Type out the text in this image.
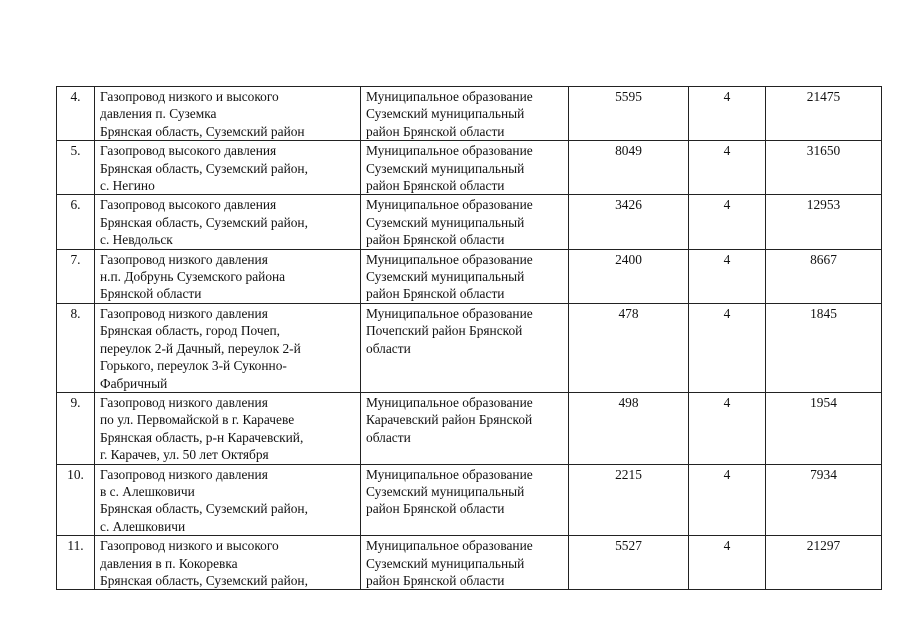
4.	Газопровод низкого и высокого
давления п. Суземка
Брянская область, Суземский район	Муниципальное образование
Суземский муниципальный
район Брянской области	5595	4	21475
5.	Газопровод высокого давления
Брянская область, Суземский район,
с. Негино	Муниципальное образование
Суземский муниципальный
район Брянской области	8049	4	31650
6.	Газопровод высокого давления
Брянская область, Суземский район,
с. Невдольск	Муниципальное образование
Суземский муниципальный
район Брянской области	3426	4	12953
7.	Газопровод низкого давления
н.п. Добрунь Суземского района
Брянской области	Муниципальное образование
Суземский муниципальный
район Брянской области	2400	4	8667
8.	Газопровод низкого давления
Брянская область, город Почеп,
переулок 2-й Дачный, переулок 2-й
Горького, переулок 3-й Суконно-
Фабричный	Муниципальное образование
Почепский район Брянской
области	478	4	1845
9.	Газопровод низкого давления
по ул. Первомайской в г. Карачеве
Брянская область, р-н Карачевский,
г. Карачев, ул. 50 лет Октября	Муниципальное образование
Карачевский район Брянской
области	498	4	1954
10.	Газопровод низкого давления
в с. Алешковичи
Брянская область, Суземский район,
с. Алешковичи	Муниципальное образование
Суземский муниципальный
район Брянской области	2215	4	7934
11.	Газопровод низкого и высокого
давления в п. Кокоревка
Брянская область, Суземский район,	Муниципальное образование
Суземский муниципальный
район Брянской области	5527	4	21297
